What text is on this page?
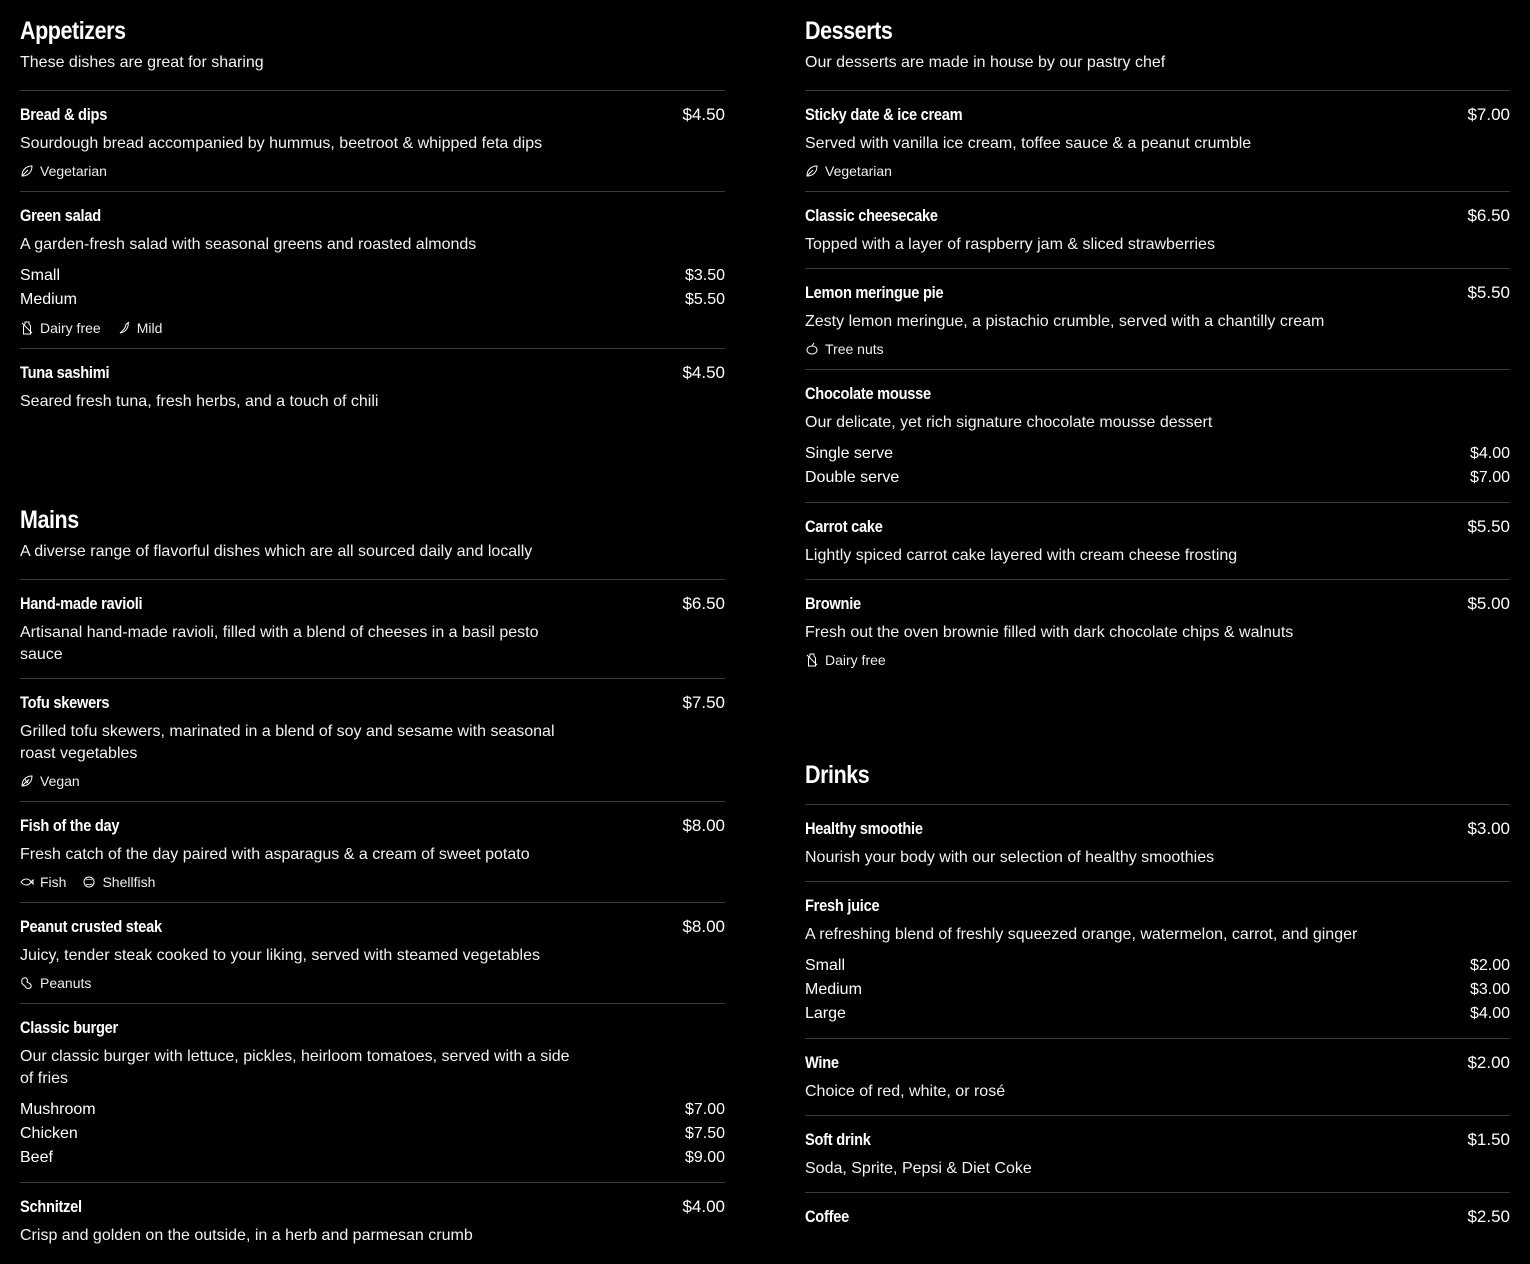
Appetizers
These dishes are great for sharing
Bread & dips	$4.50
Sourdough bread accompanied by hummus, beetroot & whipped feta dips
Vegetarian
Green salad
A garden-fresh salad with seasonal greens and roasted almonds
Small	$3.50
Medium	$5.50
Dairy free	Mild
Tuna sashimi	$4.50
Seared fresh tuna, fresh herbs, and a touch of chili
Mains
A diverse range of flavorful dishes which are all sourced daily and locally
Hand-made ravioli	$6.50
Artisanal hand-made ravioli, filled with a blend of cheeses in a basil pesto sauce
Tofu skewers	$7.50
Grilled tofu skewers, marinated in a blend of soy and sesame with seasonal roast vegetables
Vegan
Fish of the day	$8.00
Fresh catch of the day paired with asparagus & a cream of sweet potato
Fish	Shellfish
Peanut crusted steak	$8.00
Juicy, tender steak cooked to your liking, served with steamed vegetables
Peanuts
Classic burger
Our classic burger with lettuce, pickles, heirloom tomatoes, served with a side of fries
Mushroom	$7.00
Chicken	$7.50
Beef	$9.00
Schnitzel	$4.00
Crisp and golden on the outside, in a herb and parmesan crumb
Desserts
Our desserts are made in house by our pastry chef
Sticky date & ice cream	$7.00
Served with vanilla ice cream, toffee sauce & a peanut crumble
Vegetarian
Classic cheesecake	$6.50
Topped with a layer of raspberry jam & sliced strawberries
Lemon meringue pie	$5.50
Zesty lemon meringue, a pistachio crumble, served with a chantilly cream
Tree nuts
Chocolate mousse
Our delicate, yet rich signature chocolate mousse dessert
Single serve	$4.00
Double serve	$7.00
Carrot cake	$5.50
Lightly spiced carrot cake layered with cream cheese frosting
Brownie	$5.00
Fresh out the oven brownie filled with dark chocolate chips & walnuts
Dairy free
Drinks
Healthy smoothie	$3.00
Nourish your body with our selection of healthy smoothies
Fresh juice
A refreshing blend of freshly squeezed orange, watermelon, carrot, and ginger
Small	$2.00
Medium	$3.00
Large	$4.00
Wine	$2.00
Choice of red, white, or rosé
Soft drink	$1.50
Soda, Sprite, Pepsi & Diet Coke
Coffee	$2.50
